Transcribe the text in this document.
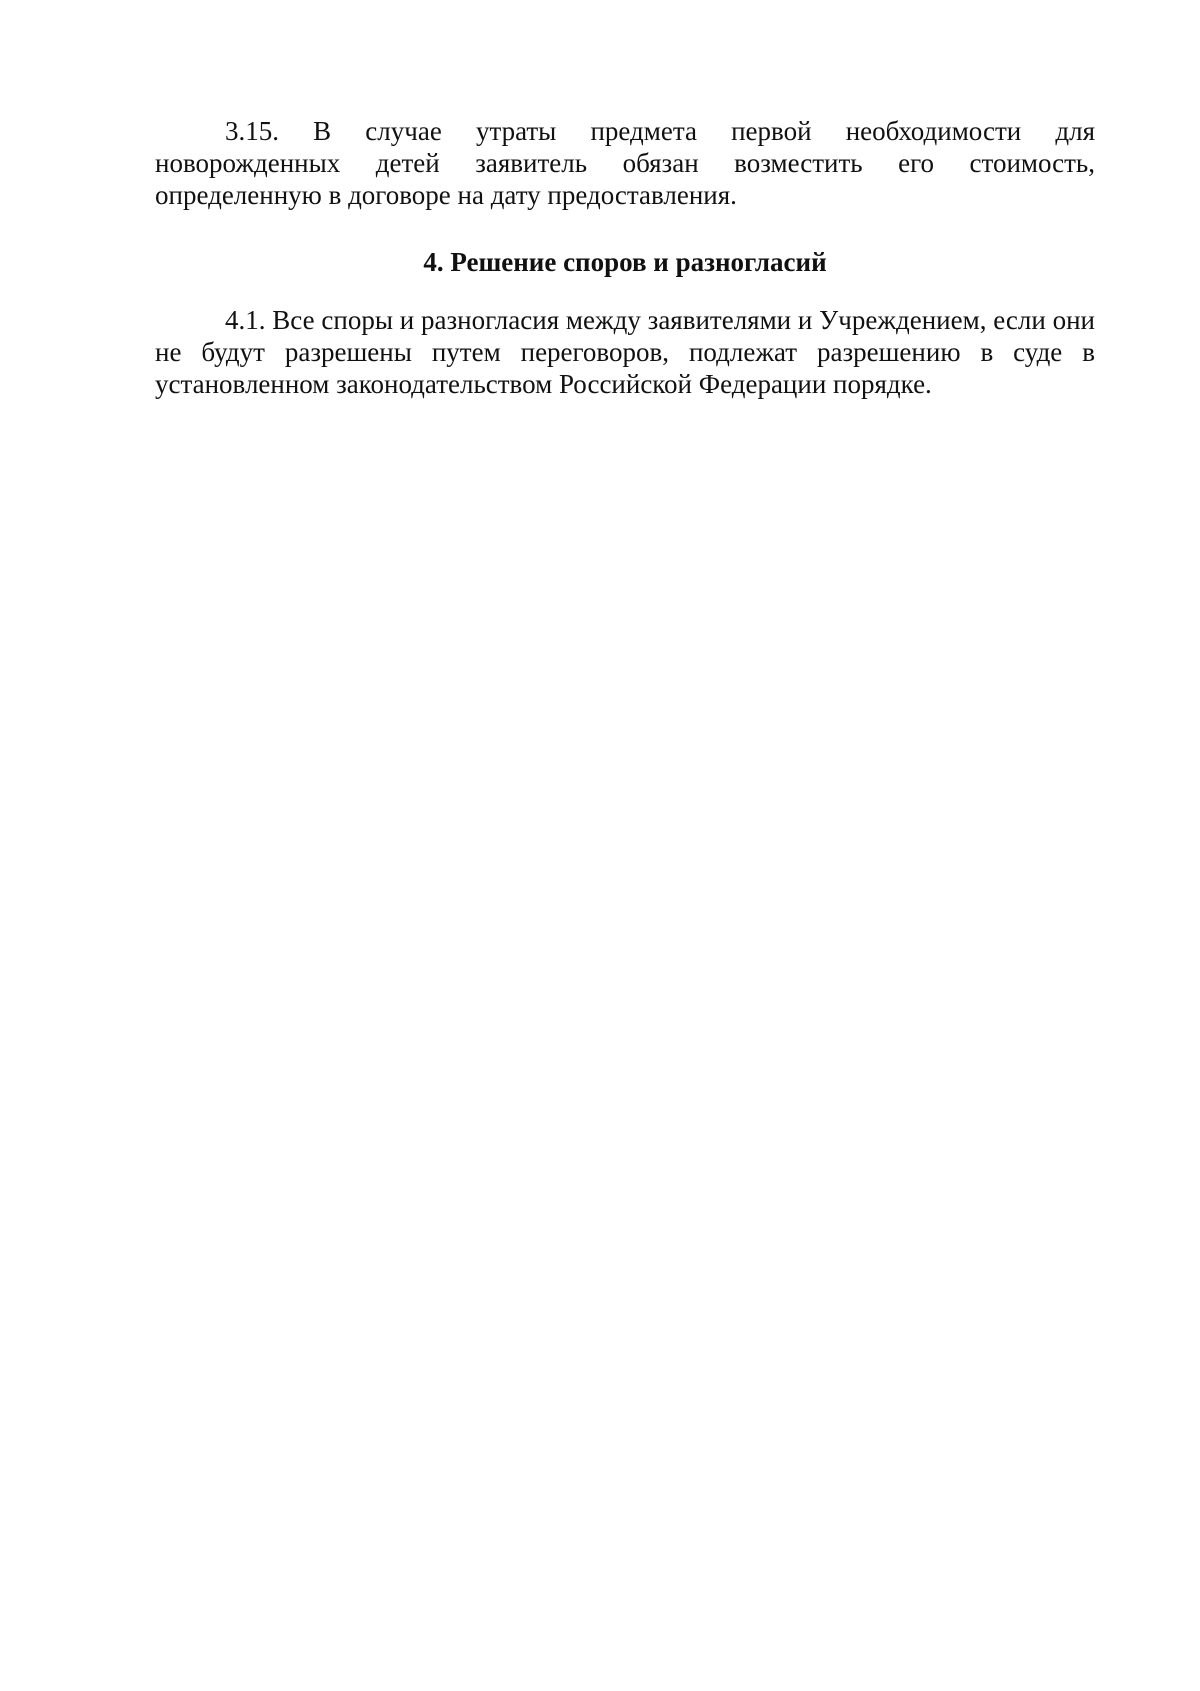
3.15. В случае утраты предмета первой необходимости для новорожденных детей заявитель обязан возместить его стоимость, определенную в договоре на дату предоставления.

4. Решение споров и разногласий

4.1. Все споры и разногласия между заявителями и Учреждением, если они не будут разрешены путем переговоров, подлежат разрешению в суде в установленном законодательством Российской Федерации порядке.
